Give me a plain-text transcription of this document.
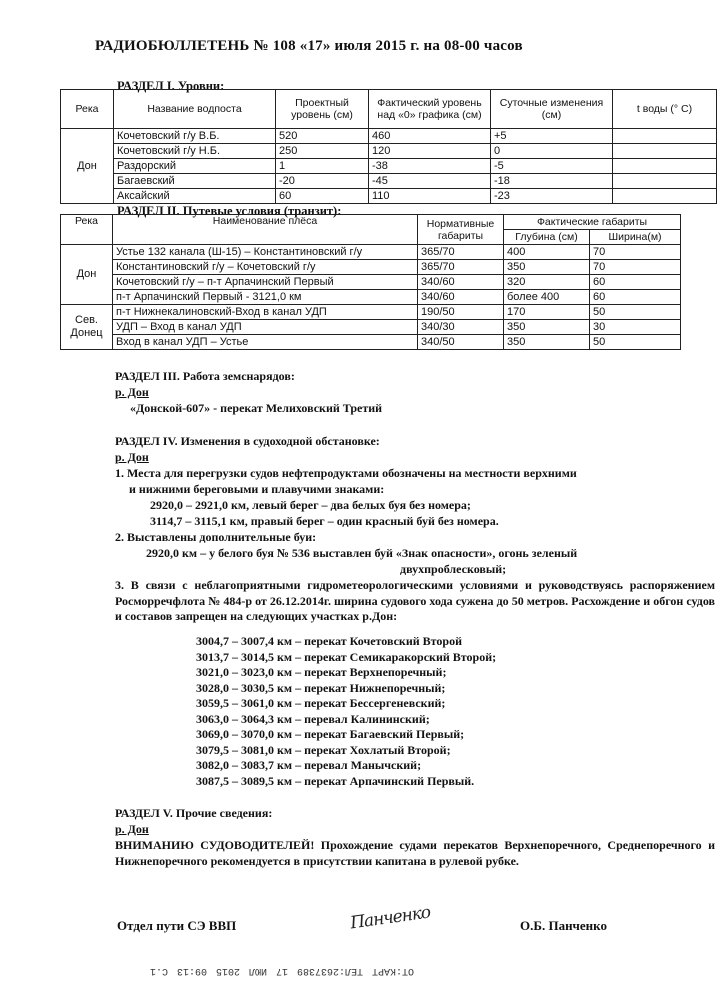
РАДИОБЮЛЛЕТЕНЬ № 108 «17» июля 2015 г. на 08-00 часов
РАЗДЕЛ I. Уровни:
Река	Название водпоста	Проектный уровень (см)	Фактический уровень над «0» графика (см)	Суточные изменения (см)	t воды (° C)
Дон	Кочетовский г/у В.Б.	520	460	+5	
	Кочетовский г/у Н.Б.	250	120	0	
	Раздорский	1	-38	-5	
	Багаевский	-20	-45	-18	
	Аксайский	60	110	-23	
РАЗДЕЛ II. Путевые условия (транзит):
Река	Наименование плёса	Нормативные габариты	Фактические габариты	
			Глубина (см)	Ширина(м)
Дон	Устье 132 канала (Ш-15) – Константиновский г/у	365/70	400	70
	Константиновский г/у – Кочетовский г/у	365/70	350	70
	Кочетовский г/у – п-т Арпачинский Первый	340/60	320	60
	п-т Арпачинский Первый - 3121,0 км	340/60	более 400	60
Сев. Донец	п-т Нижнекалиновский-Вход в канал УДП	190/50	170	50
	УДП – Вход в канал УДП	340/30	350	30
	Вход в канал УДП – Устье	340/50	350	50
РАЗДЕЛ III. Работа земснарядов:
р. Дон
«Донской-607» - перекат Мелиховский Третий
РАЗДЕЛ IV. Изменения в судоходной обстановке:
р. Дон
1. Места для перегрузки судов нефтепродуктами обозначены на местности верхними
и нижними береговыми и плавучими знаками:
2920,0 – 2921,0 км, левый берег – два белых буя без номера;
3114,7 – 3115,1 км, правый берег – один красный буй без номера.
2. Выставлены дополнительные буи:
2920,0 км – у белого буя № 536 выставлен буй «Знак опасности», огонь зеленый
двухпроблесковый;
3. В связи с неблагоприятными гидрометеорологическими условиями и руководствуясь распоряжением Росморречфлота № 484-р от 26.12.2014г. ширина судового хода сужена до 50 метров. Расхождение и обгон судов и составов запрещен на следующих участках р.Дон:
3004,7 – 3007,4 км – перекат Кочетовский Второй
3013,7 – 3014,5 км – перекат Семикаракорский Второй;
3021,0 – 3023,0 км – перекат Верхнепоречный;
3028,0 – 3030,5 км – перекат Нижнепоречный;
3059,5 – 3061,0 км – перекат Бессергеневский;
3063,0 – 3064,3 км – перевал Калининский;
3069,0 – 3070,0 км – перекат Багаевский Первый;
3079,5 – 3081,0 км – перекат Хохлатый Второй;
3082,0 – 3083,7 км – перевал Манычский;
3087,5 – 3089,5 км – перекат Арпачинский Первый.
РАЗДЕЛ V. Прочие сведения:
р. Дон
ВНИМАНИЮ СУДОВОДИТЕЛЕЙ! Прохождение судами перекатов Верхнепоречного, Среднепоречного и Нижнепоречного рекомендуется в присутствии капитана в рулевой рубке.
Отдел пути СЭ ВВП	Панченко	О.Б. Панченко
ОТ:КАРТ ТЕЛ:2637389 17 ИЮЛ 2015 09:13 С.1
